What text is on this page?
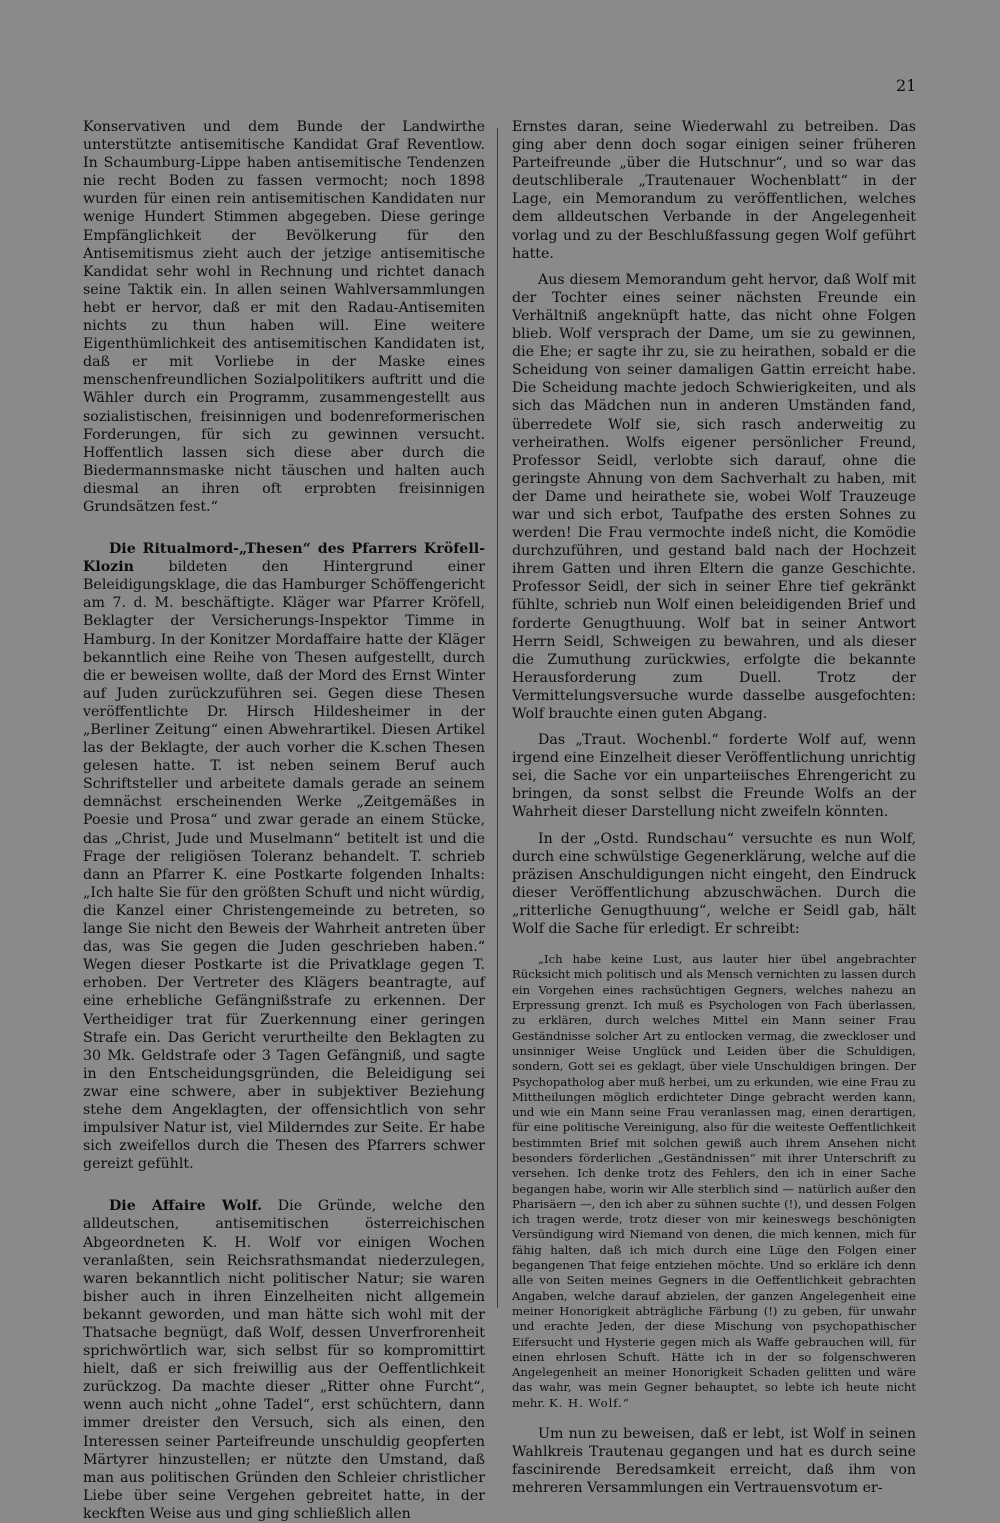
21

Konservativen und dem Bunde der Landwirthe unterstützte antisemitische Kandidat Graf Reventlow. In Schaumburg-Lippe haben antisemitische Tendenzen nie recht Boden zu fassen vermocht; noch 1898 wurden für einen rein antisemitischen Kandidaten nur wenige Hundert Stimmen abgegeben. Diese geringe Empfänglichkeit der Bevölkerung für den Antisemitismus zieht auch der jetzige antisemitische Kandidat sehr wohl in Rechnung und richtet danach seine Taktik ein. In allen seinen Wahlversammlungen hebt er hervor, daß er mit den Radau-Antisemiten nichts zu thun haben will. Eine weitere Eigenthümlichkeit des antisemitischen Kandidaten ist, daß er mit Vorliebe in der Maske eines menschenfreundlichen Sozialpolitikers auftritt und die Wähler durch ein Programm, zusammengestellt aus sozialistischen, freisinnigen und bodenreformerischen Forderungen, für sich zu gewinnen versucht. Hoffentlich lassen sich diese aber durch die Biedermannsmaske nicht täuschen und halten auch diesmal an ihren oft erprobten freisinnigen Grundsätzen fest.“

Die Ritualmord-„Thesen“ des Pfarrers Kröfell-Klozin bildeten den Hintergrund einer Beleidigungsklage, die das Hamburger Schöffengericht am 7. d. M. beschäftigte. Kläger war Pfarrer Kröfell, Beklagter der Versicherungs-Inspektor Timme in Hamburg. In der Konitzer Mordaffaire hatte der Kläger bekanntlich eine Reihe von Thesen aufgestellt, durch die er beweisen wollte, daß der Mord des Ernst Winter auf Juden zurückzuführen sei. Gegen diese Thesen veröffentlichte Dr. Hirsch Hildesheimer in der „Berliner Zeitung“ einen Abwehrartikel. Diesen Artikel las der Beklagte, der auch vorher die K.schen Thesen gelesen hatte. T. ist neben seinem Beruf auch Schriftsteller und arbeitete damals gerade an seinem demnächst erscheinenden Werke „Zeitgemäßes in Poesie und Prosa“ und zwar gerade an einem Stücke, das „Christ, Jude und Muselmann“ betitelt ist und die Frage der religiösen Toleranz behandelt. T. schrieb dann an Pfarrer K. eine Postkarte folgenden Inhalts: „Ich halte Sie für den größten Schuft und nicht würdig, die Kanzel einer Christengemeinde zu betreten, so lange Sie nicht den Beweis der Wahrheit antreten über das, was Sie gegen die Juden geschrieben haben.“ Wegen dieser Postkarte ist die Privatklage gegen T. erhoben. Der Vertreter des Klägers beantragte, auf eine erhebliche Gefängnißstrafe zu erkennen. Der Vertheidiger trat für Zuerkennung einer geringen Strafe ein. Das Gericht verurtheilte den Beklagten zu 30 Mk. Geldstrafe oder 3 Tagen Gefängniß, und sagte in den Entscheidungsgründen, die Beleidigung sei zwar eine schwere, aber in subjektiver Beziehung stehe dem Angeklagten, der offensichtlich von sehr impulsiver Natur ist, viel Milderndes zur Seite. Er habe sich zweifellos durch die Thesen des Pfarrers schwer gereizt gefühlt.

Die Affaire Wolf. Die Gründe, welche den alldeutschen, antisemitischen österreichischen Abgeordneten K. H. Wolf vor einigen Wochen veranlaßten, sein Reichsrathsmandat niederzulegen, waren bekanntlich nicht politischer Natur; sie waren bisher auch in ihren Einzelheiten nicht allgemein bekannt geworden, und man hätte sich wohl mit der Thatsache begnügt, daß Wolf, dessen Unverfrorenheit sprichwörtlich war, sich selbst für so kompromittirt hielt, daß er sich freiwillig aus der Oeffentlichkeit zurückzog. Da machte dieser „Ritter ohne Furcht“, wenn auch nicht „ohne Tadel“, erst schüchtern, dann immer dreister den Versuch, sich als einen, den Interessen seiner Parteifreunde unschuldig geopferten Märtyrer hinzustellen; er nützte den Umstand, daß man aus politischen Gründen den Schleier christlicher Liebe über seine Vergehen gebreitet hatte, in der keckften Weise aus und ging schließlich allen

Ernstes daran, seine Wiederwahl zu betreiben. Das ging aber denn doch sogar einigen seiner früheren Parteifreunde „über die Hutschnur“, und so war das deutschliberale „Trautenauer Wochenblatt“ in der Lage, ein Memorandum zu veröffentlichen, welches dem alldeutschen Verbande in der Angelegenheit vorlag und zu der Beschlußfassung gegen Wolf geführt hatte.

Aus diesem Memorandum geht hervor, daß Wolf mit der Tochter eines seiner nächsten Freunde ein Verhältniß angeknüpft hatte, das nicht ohne Folgen blieb. Wolf versprach der Dame, um sie zu gewinnen, die Ehe; er sagte ihr zu, sie zu heirathen, sobald er die Scheidung von seiner damaligen Gattin erreicht habe. Die Scheidung machte jedoch Schwierigkeiten, und als sich das Mädchen nun in anderen Umständen fand, überredete Wolf sie, sich rasch anderweitig zu verheirathen. Wolfs eigener persönlicher Freund, Professor Seidl, verlobte sich darauf, ohne die geringste Ahnung von dem Sachverhalt zu haben, mit der Dame und heirathete sie, wobei Wolf Trauzeuge war und sich erbot, Taufpathe des ersten Sohnes zu werden! Die Frau vermochte indeß nicht, die Komödie durchzuführen, und gestand bald nach der Hochzeit ihrem Gatten und ihren Eltern die ganze Geschichte. Professor Seidl, der sich in seiner Ehre tief gekränkt fühlte, schrieb nun Wolf einen beleidigenden Brief und forderte Genugthuung. Wolf bat in seiner Antwort Herrn Seidl, Schweigen zu bewahren, und als dieser die Zumuthung zurückwies, erfolgte die bekannte Herausforderung zum Duell. Trotz der Vermittelungsversuche wurde dasselbe ausgefochten: Wolf brauchte einen guten Abgang.

Das „Traut. Wochenbl.“ forderte Wolf auf, wenn irgend eine Einzelheit dieser Veröffentlichung unrichtig sei, die Sache vor ein unparteiisches Ehrengericht zu bringen, da sonst selbst die Freunde Wolfs an der Wahrheit dieser Darstellung nicht zweifeln könnten.

In der „Ostd. Rundschau“ versuchte es nun Wolf, durch eine schwülstige Gegenerklärung, welche auf die präzisen Anschuldigungen nicht eingeht, den Eindruck dieser Veröffentlichung abzuschwächen. Durch die „ritterliche Genugthuung“, welche er Seidl gab, hält Wolf die Sache für erledigt. Er schreibt:

„Ich habe keine Lust, aus lauter hier übel angebrachter Rücksicht mich politisch und als Mensch vernichten zu lassen durch ein Vorgehen eines rachsüchtigen Gegners, welches nahezu an Erpressung grenzt. Ich muß es Psychologen von Fach überlassen, zu erklären, durch welches Mittel ein Mann seiner Frau Geständnisse solcher Art zu entlocken vermag, die zweckloser und unsinniger Weise Unglück und Leiden über die Schuldigen, sondern, Gott sei es geklagt, über viele Unschuldigen bringen. Der Psychopatholog aber muß herbei, um zu erkunden, wie eine Frau zu Mittheilungen möglich erdichteter Dinge gebracht werden kann, und wie ein Mann seine Frau veranlassen mag, einen derartigen, für eine politische Vereinigung, also für die weiteste Oeffentlichkeit bestimmten Brief mit solchen gewiß auch ihrem Ansehen nicht besonders förderlichen „Geständnissen“ mit ihrer Unterschrift zu versehen. Ich denke trotz des Fehlers, den ich in einer Sache begangen habe, worin wir Alle sterblich sind — natürlich außer den Pharisäern —, den ich aber zu sühnen suchte (!), und dessen Folgen ich tragen werde, trotz dieser von mir keineswegs beschönigten Versündigung wird Niemand von denen, die mich kennen, mich für fähig halten, daß ich mich durch eine Lüge den Folgen einer begangenen That feige entziehen möchte. Und so erkläre ich denn alle von Seiten meines Gegners in die Oeffentlichkeit gebrachten Angaben, welche darauf abzielen, der ganzen Angelegenheit eine meiner Honorigkeit abträgliche Färbung (!) zu geben, für unwahr und erachte Jeden, der diese Mischung von psychopathischer Eifersucht und Hysterie gegen mich als Waffe gebrauchen will, für einen ehrlosen Schuft. Hätte ich in der so folgenschweren Angelegenheit an meiner Honorigkeit Schaden gelitten und wäre das wahr, was mein Gegner behauptet, so lebte ich heute nicht mehr. K. H. Wolf.“

Um nun zu beweisen, daß er lebt, ist Wolf in seinen Wahlkreis Trautenau gegangen und hat es durch seine fascinirende Beredsamkeit erreicht, daß ihm von mehreren Versammlungen ein Vertrauensvotum er-
